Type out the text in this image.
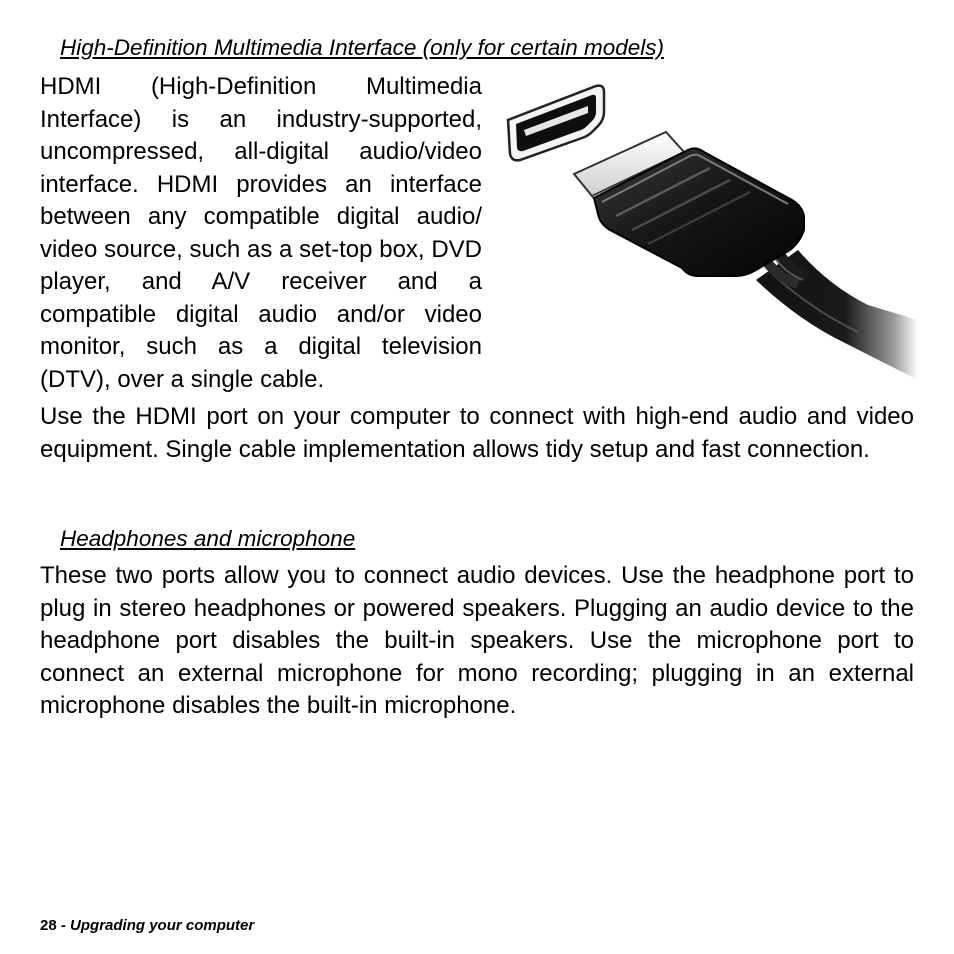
High-Definition Multimedia Interface (only for certain models)

HDMI (High-Definition Multimedia Interface) is an industry-supported, uncompressed, all-digital audio/video interface. HDMI provides an interface between any compatible digital audio/ video source, such as a set-top box, DVD player, and A/V receiver and a compatible digital audio and/or video monitor, such as a digital television (DTV), over a single cable.

Use the HDMI port on your computer to connect with high-end audio and video equipment. Single cable implementation allows tidy setup and fast connection.

Headphones and microphone

These two ports allow you to connect audio devices. Use the headphone port to plug in stereo headphones or powered speakers. Plugging an audio device to the headphone port disables the built-in speakers. Use the microphone port to connect an external microphone for mono recording; plugging in an external microphone disables the built-in microphone.

28 - Upgrading your computer
